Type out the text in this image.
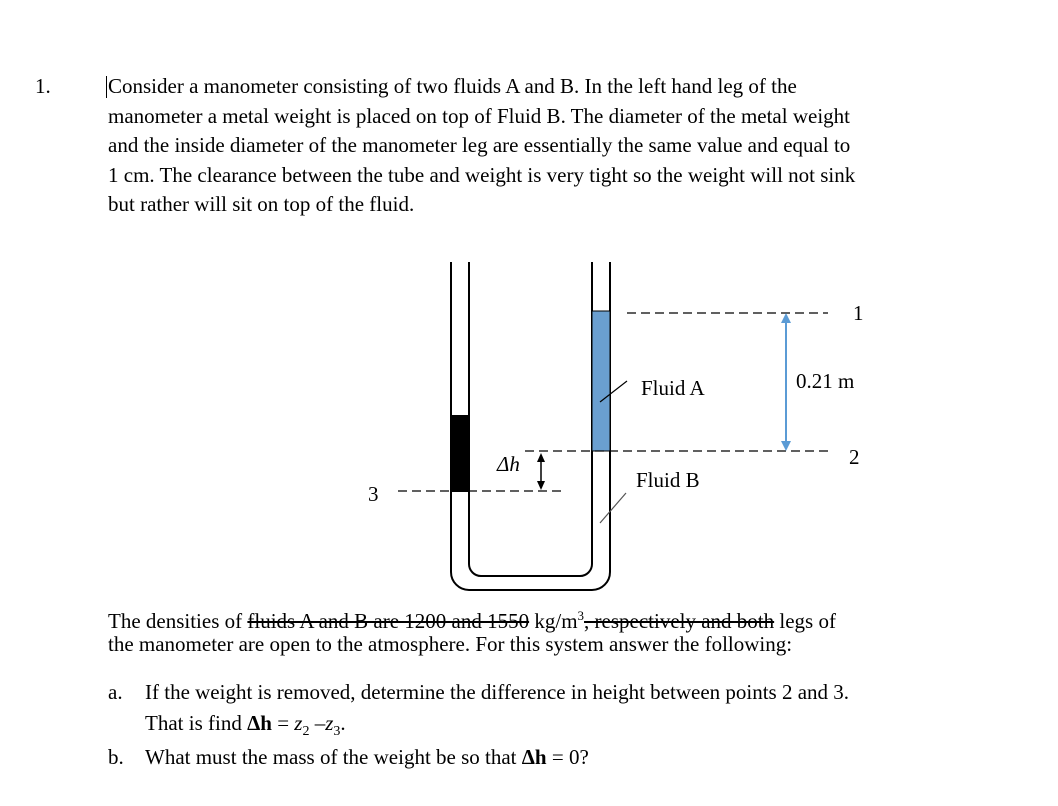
1.	Consider a manometer consisting of two fluids A and B. In the left hand leg of the
manometer a metal weight is placed on top of Fluid B. The diameter of the metal weight
and the inside diameter of the manometer leg are essentially the same value and equal to
1 cm. The clearance between the tube and weight is very tight so the weight will not sink
but rather will sit on top of the fluid.
Fluid A
Fluid B
1
2
3
0.21 m
Δh
The densities of fluids A and B are 1200 and 1550 $kg/m^3$, respectively and both legs of
the manometer are open to the atmosphere. For this system answer the following:
a. If the weight is removed, determine the difference in height between points 2 and 3.
That is find $\Delta h = z_2$ $-z_3$.
b. What must the mass of the weight be so that Δh = 0?
